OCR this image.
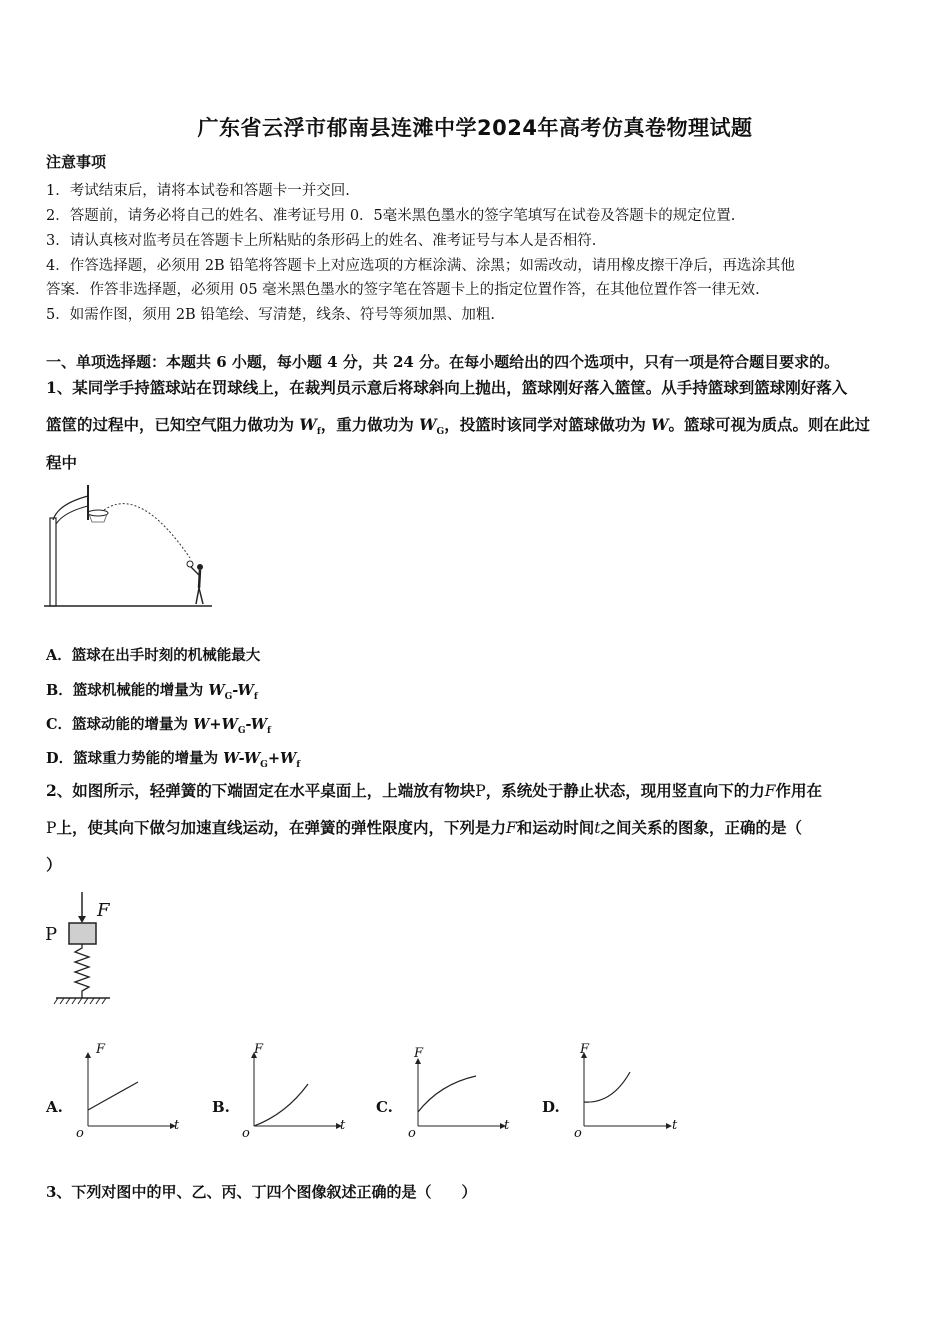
广东省云浮市郁南县连滩中学2024年高考仿真卷物理试题
注意事项
1．考试结束后，请将本试卷和答题卡一并交回.
2．答题前，请务必将自己的姓名、准考证号用 0．5毫米黑色墨水的签字笔填写在试卷及答题卡的规定位置.
3．请认真核对监考员在答题卡上所粘贴的条形码上的姓名、准考证号与本人是否相符.
4．作答选择题，必须用 2B 铅笔将答题卡上对应选项的方框涂满、涂黑；如需改动，请用橡皮擦干净后，再选涂其他
答案．作答非选择题，必须用 05 毫米黑色墨水的签字笔在答题卡上的指定位置作答，在其他位置作答一律无效.
5．如需作图，须用 2B 铅笔绘、写清楚，线条、符号等须加黑、加粗.
一、单项选择题：本题共 6 小题，每小题 4 分，共 24 分。在每小题给出的四个选项中，只有一项是符合题目要求的。
1、某同学手持篮球站在罚球线上，在裁判员示意后将球斜向上抛出，篮球刚好落入篮筐。从手持篮球到篮球刚好落入
篮筐的过程中，已知空气阻力做功为 $W_f$，重力做功为 $W_G$，投篮时该同学对篮球做功为 W。篮球可视为质点。则在此过
程中
A．篮球在出手时刻的机械能最大
B．篮球机械能的增量为 $W_G-W_f$
C．篮球动能的增量为 $W+W_G-W_f$
D．篮球重力势能的增量为 $W-W_G+W_f$
2、如图所示，轻弹簧的下端固定在水平桌面上，上端放有物块P，系统处于静止状态，现用竖直向下的力F作用在
P上，使其向下做匀加速直线运动，在弹簧的弹性限度内，下列是力F和运动时间t之间关系的图象，正确的是（
）
P
F
A.
F
t
o
B.
F
t
o
C.
F
t
o
D.
F
t
o
3、下列对图中的甲、乙、丙、丁四个图像叙述正确的是（　　）
